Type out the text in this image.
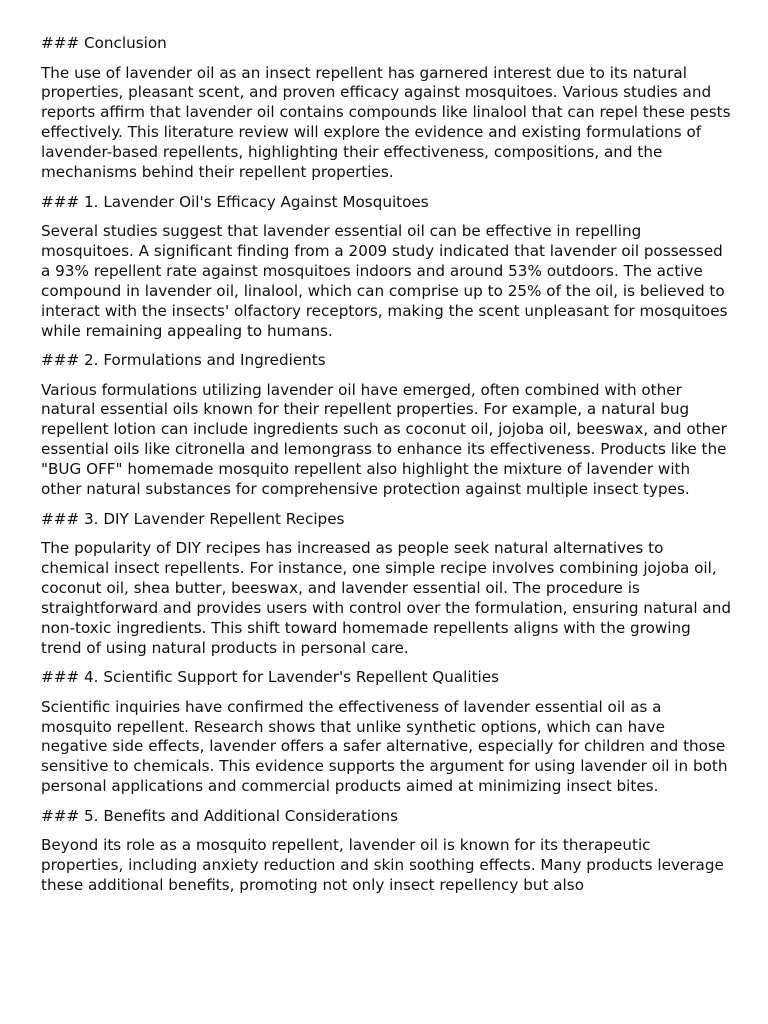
### Conclusion
The use of lavender oil as an insect repellent has garnered interest due to its natural properties, pleasant scent, and proven efficacy against mosquitoes. Various studies and reports affirm that lavender oil contains compounds like linalool that can repel these pests effectively. This literature review will explore the evidence and existing formulations of lavender-based repellents, highlighting their effectiveness, compositions, and the mechanisms behind their repellent properties.
### 1. Lavender Oil's Efficacy Against Mosquitoes
Several studies suggest that lavender essential oil can be effective in repelling mosquitoes. A significant finding from a 2009 study indicated that lavender oil possessed a 93% repellent rate against mosquitoes indoors and around 53% outdoors. The active compound in lavender oil, linalool, which can comprise up to 25% of the oil, is believed to interact with the insects' olfactory receptors, making the scent unpleasant for mosquitoes while remaining appealing to humans.
### 2. Formulations and Ingredients
Various formulations utilizing lavender oil have emerged, often combined with other natural essential oils known for their repellent properties. For example, a natural bug repellent lotion can include ingredients such as coconut oil, jojoba oil, beeswax, and other essential oils like citronella and lemongrass to enhance its effectiveness. Products like the "BUG OFF" homemade mosquito repellent also highlight the mixture of lavender with other natural substances for comprehensive protection against multiple insect types.
### 3. DIY Lavender Repellent Recipes
The popularity of DIY recipes has increased as people seek natural alternatives to chemical insect repellents. For instance, one simple recipe involves combining jojoba oil, coconut oil, shea butter, beeswax, and lavender essential oil. The procedure is straightforward and provides users with control over the formulation, ensuring natural and non-toxic ingredients. This shift toward homemade repellents aligns with the growing trend of using natural products in personal care.
### 4. Scientific Support for Lavender's Repellent Qualities
Scientific inquiries have confirmed the effectiveness of lavender essential oil as a mosquito repellent. Research shows that unlike synthetic options, which can have negative side effects, lavender offers a safer alternative, especially for children and those sensitive to chemicals. This evidence supports the argument for using lavender oil in both personal applications and commercial products aimed at minimizing insect bites.
### 5. Benefits and Additional Considerations
Beyond its role as a mosquito repellent, lavender oil is known for its therapeutic properties, including anxiety reduction and skin soothing effects. Many products leverage these additional benefits, promoting not only insect repellency but also
